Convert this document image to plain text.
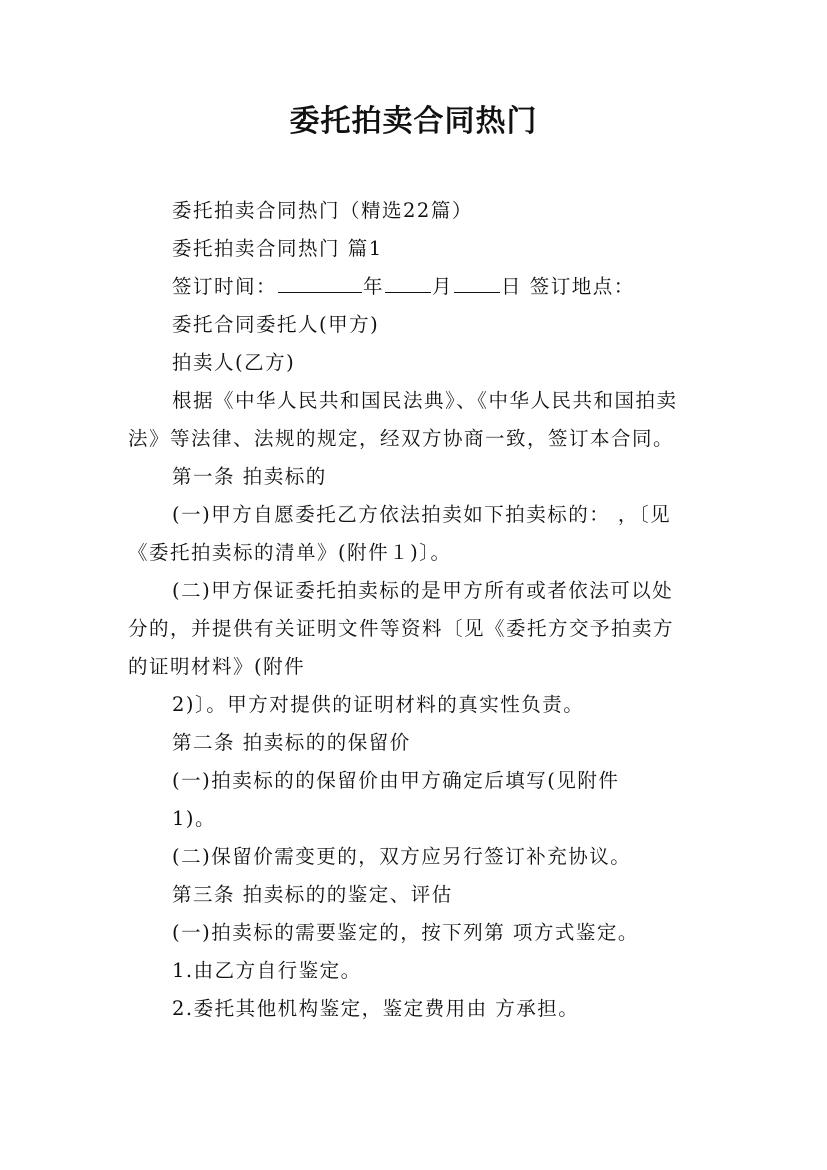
委托拍卖合同热门

委托拍卖合同热门（精选22篇）

委托拍卖合同热门 篇1

签订时间：	年 月 日 签订地点：

委托合同委托人(甲方)

拍卖人(乙方)

根据《中华人民共和国民法典》、《中华人民共和国拍卖

法》等法律、法规的规定，经双方协商一致，签订本合同。

第一条 拍卖标的

(一)甲方自愿委托乙方依法拍卖如下拍卖标的： ，〔见

《委托拍卖标的清单》(附件１)〕。

(二)甲方保证委托拍卖标的是甲方所有或者依法可以处

分的，并提供有关证明文件等资料〔见《委托方交予拍卖方

的证明材料》(附件

2)〕。甲方对提供的证明材料的真实性负责。

第二条 拍卖标的的保留价

(一)拍卖标的的保留价由甲方确定后填写(见附件

1)。

(二)保留价需变更的，双方应另行签订补充协议。

第三条 拍卖标的的鉴定、评估

(一)拍卖标的需要鉴定的，按下列第 项方式鉴定。

1.由乙方自行鉴定。

2.委托其他机构鉴定，鉴定费用由 方承担。
